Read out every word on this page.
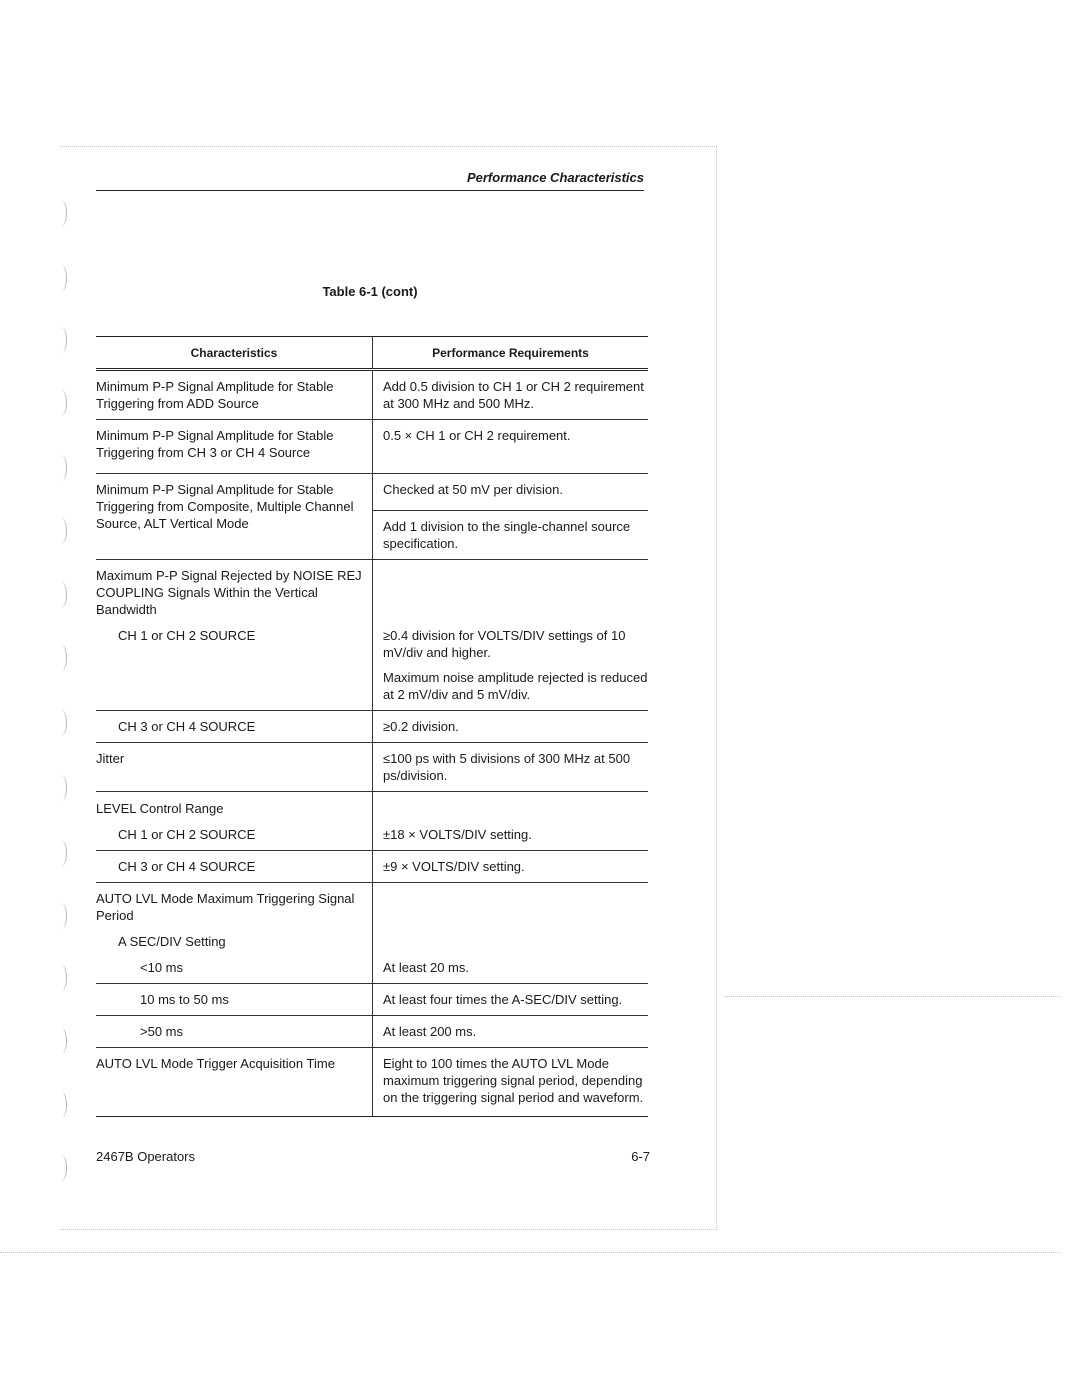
Performance Characteristics
Table 6-1 (cont)
Characteristics	Performance Requirements
Minimum P-P Signal Amplitude for Stable Triggering from ADD Source	Add 0.5 division to CH 1 or CH 2 requirement at 300 MHz and 500 MHz.
Minimum P-P Signal Amplitude for Stable Triggering from CH 3 or CH 4 Source	0.5 × CH 1 or CH 2 requirement.
Minimum P-P Signal Amplitude for Stable Triggering from Composite, Multiple Channel Source, ALT Vertical Mode	Checked at 50 mV per division.
	Add 1 division to the single-channel source specification.
Maximum P-P Signal Rejected by NOISE REJ COUPLING Signals Within the Vertical Bandwidth	
CH 1 or CH 2 SOURCE	≥0.4 division for VOLTS/DIV settings of 10 mV/div and higher.
	Maximum noise amplitude rejected is reduced at 2 mV/div and 5 mV/div.
CH 3 or CH 4 SOURCE	≥0.2 division.
Jitter	≤100 ps with 5 divisions of 300 MHz at 500 ps/division.
LEVEL Control Range	
CH 1 or CH 2 SOURCE	±18 × VOLTS/DIV setting.
CH 3 or CH 4 SOURCE	±9 × VOLTS/DIV setting.
AUTO LVL Mode Maximum Triggering Signal Period	
A SEC/DIV Setting	
<10 ms	At least 20 ms.
10 ms to 50 ms	At least four times the A-SEC/DIV setting.
>50 ms	At least 200 ms.
AUTO LVL Mode Trigger Acquisition Time	Eight to 100 times the AUTO LVL Mode maximum triggering signal period, depending on the triggering signal period and waveform.
2467B Operators	6-7
